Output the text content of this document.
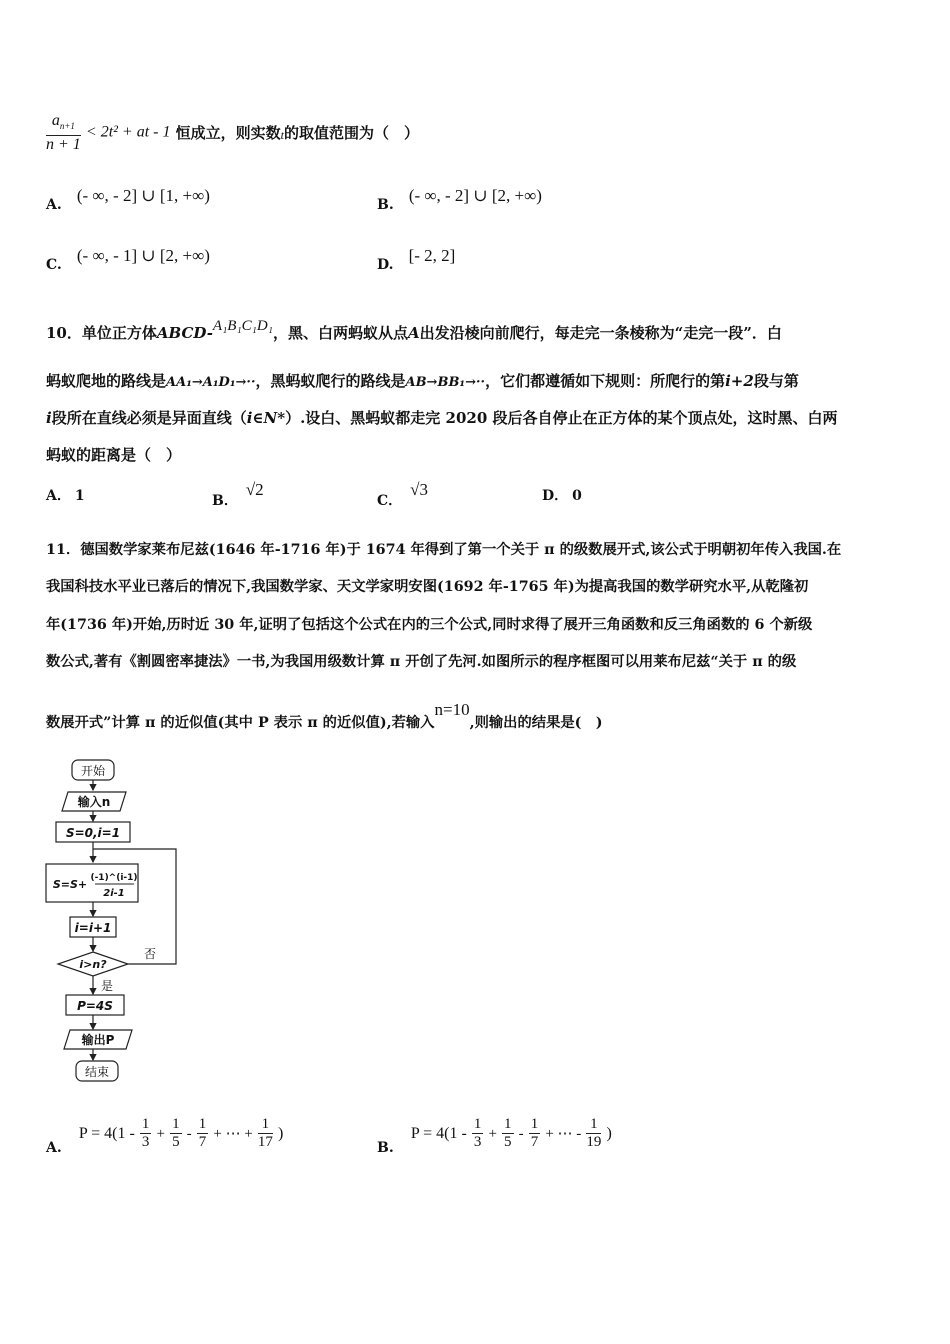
$\frac{a_{n+1}}{n + 1} < 2t^2$ + at - 1 恒成立，则实数t的取值范围为（　）
A. (- ∞, - 2] ∪ [1, +∞)	B. (- ∞, - 2] ∪ [2, +∞)
C. (- ∞, - 1] ∪ [2, +∞)	D. [- 2, 2]
10．单位正方体ABCD-A₁B₁C₁D₁，黑、白两蚂蚁从点A出发沿棱向前爬行，每走完一条棱称为“走完一段”．白
蚂蚁爬地的路线是AA₁→A₁D₁→··，黑蚂蚁爬行的路线是AB→BB₁→··，它们都遵循如下规则：所爬行的第i+2段与第
i段所在直线必须是异面直线（i∈N*）.设白、黑蚂蚁都走完 2020 段后各自停止在正方体的某个顶点处，这时黑、白两
蚂蚁的距离是（　）
A． 1	B．√2
C．√3	D． 0
11．德国数学家莱布尼兹(1646 年-1716 年)于 1674 年得到了第一个关于 π 的级数展开式,该公式于明朝初年传入我国.在
我国科技水平业已落后的情况下,我国数学家、天文学家明安图(1692 年-1765 年)为提高我国的数学研究水平,从乾隆初
年(1736 年)开始,历时近 30 年,证明了包括这个公式在内的三个公式,同时求得了展开三角函数和反三角函数的 6 个新级
数公式,著有《割圆密率捷法》一书,为我国用级数计算 π 开创了先河.如图所示的程序框图可以用莱布尼兹“关于 π 的级
数展开式”计算 π 的近似值(其中 P 表示 π 的近似值),若输入n=10,则输出的结果是(　)
开始
输入n
S=0,i=1
S=S+ (-1)^(i-1)
2i-1
i=i+1
i>n?
否
是
P=4S
输出P
结束
A. $P = 4(1 - \frac{1}{3} + \frac{1}{5} - \frac{1}{7}$ + ⋯ + $\frac{1}{17}$ )
B. $P = 4(1 - \frac{1}{3} + \frac{1}{5} - \frac{1}{7}$ + ⋯ - $\frac{1}{19}$ )
